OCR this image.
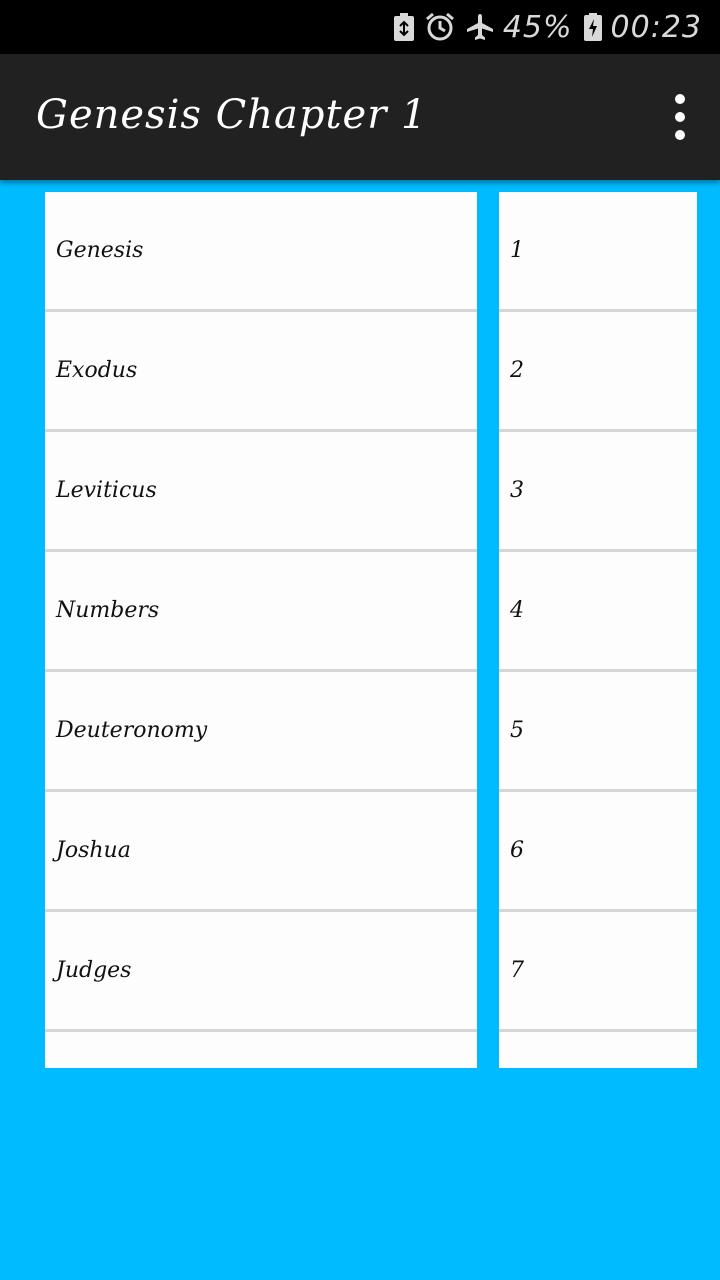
45% 00:23
Genesis Chapter 1
Genesis
Exodus
Leviticus
Numbers
Deuteronomy
Joshua
Judges
1
2
3
4
5
6
7
